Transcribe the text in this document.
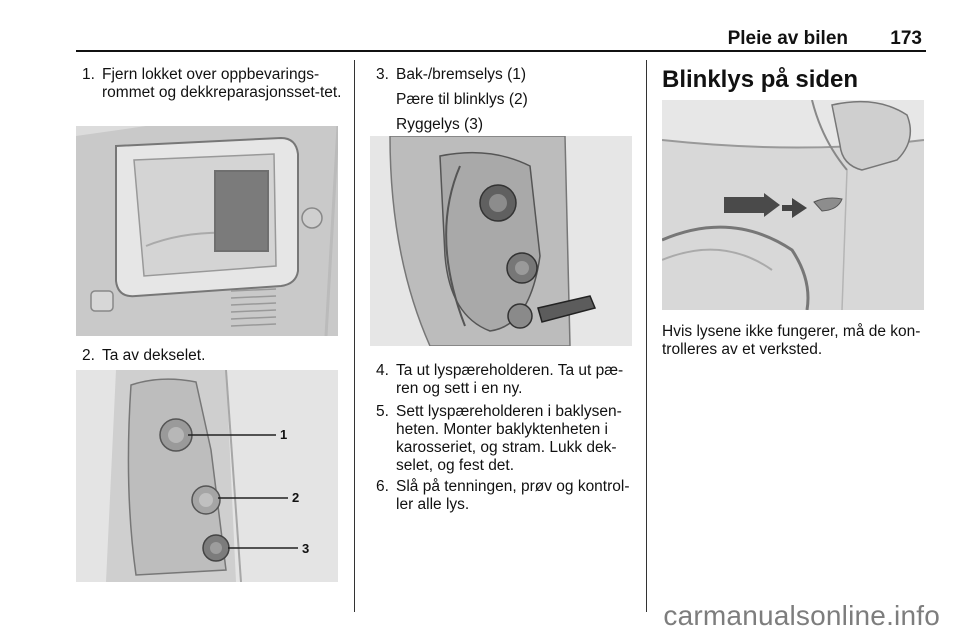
Pleie av bilen 173
1. Fjern lokket over oppbevarings-rommet og dekkreparasjonsset-tet.
2. Ta av dekselet.
1
2
3
3. Bak-/bremselys (1)
Pære til blinklys (2)
Ryggelys (3)
4. Ta ut lyspæreholderen. Ta ut pæ-ren og sett i en ny.
5. Sett lyspæreholderen i baklysen-heten. Monter baklyktenheten i karosseriet, og stram. Lukk dek-selet, og fest det.
6. Slå på tenningen, prøv og kontrol-ler alle lys.
Blinklys på siden
Hvis lysene ikke fungerer, må de kon-trolleres av et verksted.
carmanualsonline.info
